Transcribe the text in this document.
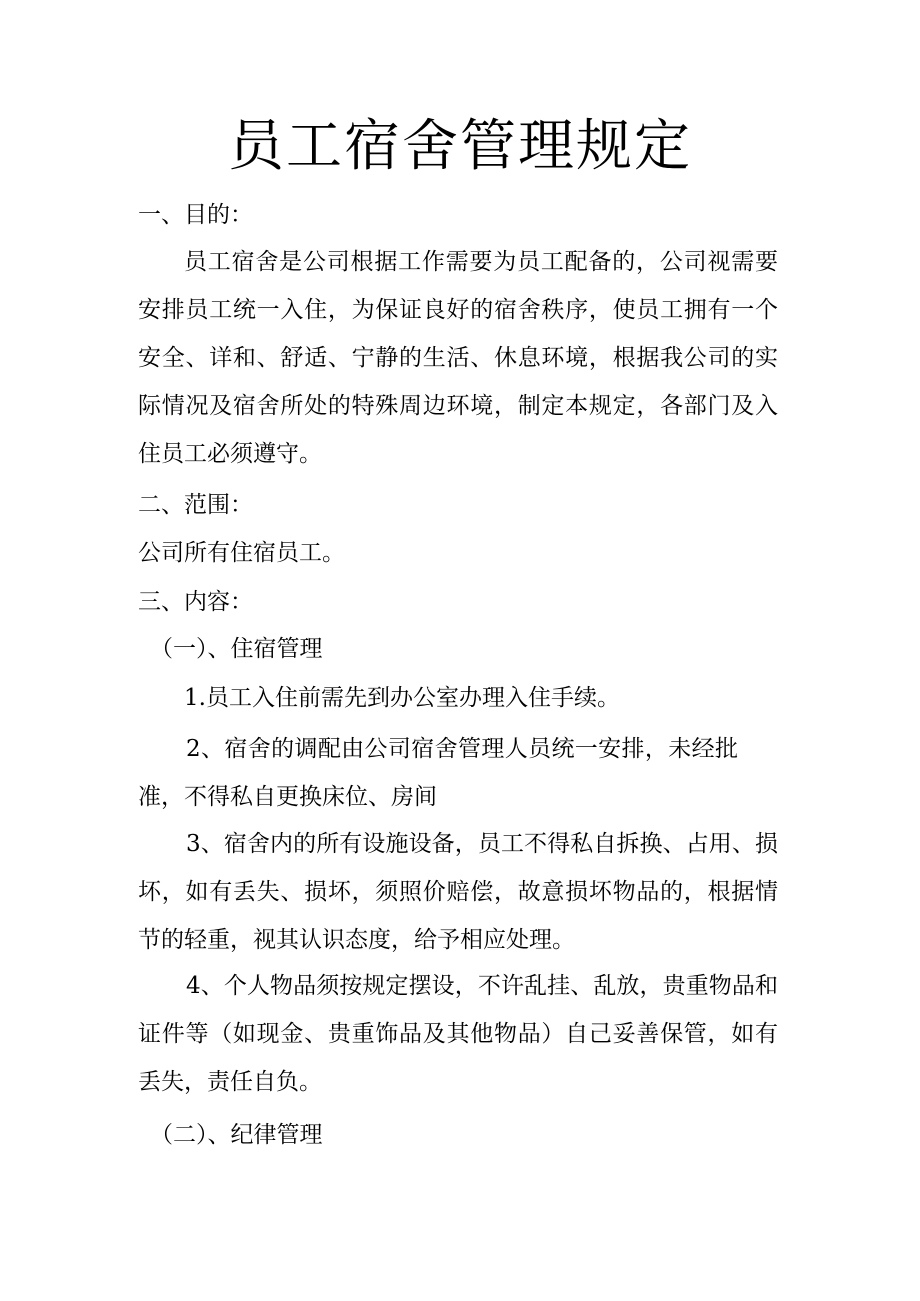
员工宿舍管理规定
一、目的：
员工宿舍是公司根据工作需要为员工配备的，公司视需要安排员工统一入住，为保证良好的宿舍秩序，使员工拥有一个安全、详和、舒适、宁静的生活、休息环境，根据我公司的实际情况及宿舍所处的特殊周边环境，制定本规定，各部门及入住员工必须遵守。
二、范围：
公司所有住宿员工。
三、内容：
（一）、住宿管理
1.员工入住前需先到办公室办理入住手续。
2、宿舍的调配由公司宿舍管理人员统一安排，未经批准，不得私自更换床位、房间
3、宿舍内的所有设施设备，员工不得私自拆换、占用、损坏，如有丢失、损坏，须照价赔偿，故意损坏物品的，根据情节的轻重，视其认识态度，给予相应处理。
4、个人物品须按规定摆设，不许乱挂、乱放，贵重物品和证件等（如现金、贵重饰品及其他物品）自己妥善保管，如有丢失，责任自负。
（二）、纪律管理
